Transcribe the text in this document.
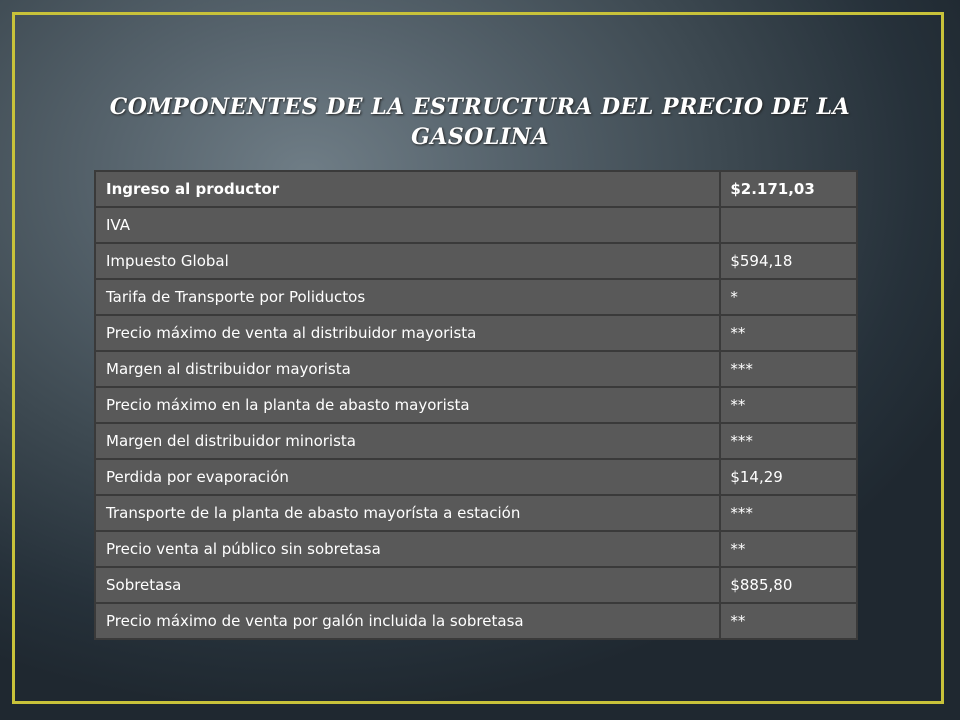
COMPONENTES DE LA ESTRUCTURA DEL PRECIO DE LA
GASOLINA
Ingreso al productor	$2.171,03
IVA	
Impuesto Global	$594,18
Tarifa de Transporte por Poliductos	*
Precio máximo de venta al distribuidor mayorista	**
Margen al distribuidor mayorista	***
Precio máximo en la planta de abasto mayorista	**
Margen del distribuidor minorista	***
Perdida por evaporación	$14,29
Transporte de la planta de abasto mayorísta a estación	***
Precio venta al público sin sobretasa	**
Sobretasa	$885,80
Precio máximo de venta por galón incluida la sobretasa	**
